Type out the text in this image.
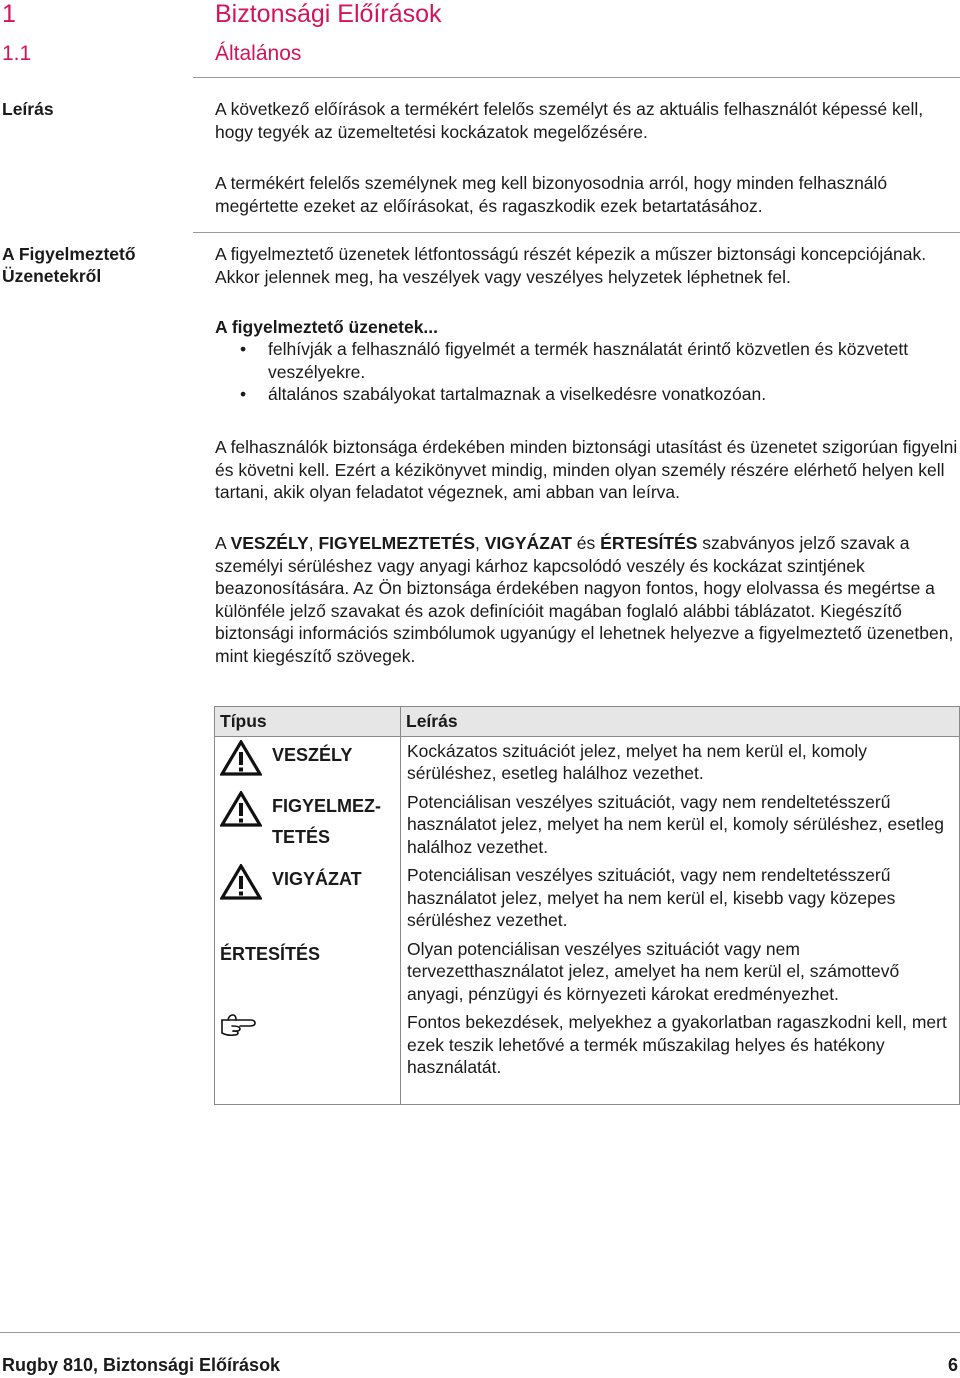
1	Biztonsági Előírások
1.1	Általános
Leírás	A következő előírások a termékért felelős személyt és az aktuális felhasználót képessé kell, hogy tegyék az üzemeltetési kockázatok megelőzésére.

A termékért felelős személynek meg kell bizonyosodnia arról, hogy minden felhasználó megértette ezeket az előírásokat, és ragaszkodik ezek betartatásához.

A Figyelmeztető
Üzenetekről

A figyelmeztető üzenetek létfontosságú részét képezik a műszer biztonsági koncepciójának. Akkor jelennek meg, ha veszélyek vagy veszélyes helyzetek léphetnek fel.

A figyelmeztető üzenetek...

• felhívják a felhasználó figyelmét a termék használatát érintő közvetlen és közvetett veszélyekre.
• általános szabályokat tartalmaznak a viselkedésre vonatkozóan.

A felhasználók biztonsága érdekében minden biztonsági utasítást és üzenetet szigorúan figyelni és követni kell. Ezért a kézikönyvet mindig, minden olyan személy részére elérhető helyen kell tartani, akik olyan feladatot végeznek, ami abban van leírva.

A VESZÉLY, FIGYELMEZTETÉS, VIGYÁZAT és ÉRTESÍTÉS szabványos jelző szavak a személyi sérüléshez vagy anyagi kárhoz kapcsolódó veszély és kockázat szintjének beazonosítására. Az Ön biztonsága érdekében nagyon fontos, hogy elolvassa és megértse a különféle jelző szavakat és azok definícióit magában foglaló alábbi táblázatot. Kiegészítő biztonsági információs szimbólumok ugyanúgy el lehetnek helyezve a figyelmeztető üzenetben, mint kiegészítő szövegek.

Típus	Leírás

VESZÉLY	Kockázatos szituációt jelez, melyet ha nem kerül el, komoly sérüléshez, esetleg halálhoz vezethet.

FIGYELMEZ-
TETÉS	Potenciálisan veszélyes szituációt, vagy nem rendeltetésszerű használatot jelez, melyet ha nem kerül el, komoly sérüléshez, esetleg halálhoz vezethet.

VIGYÁZAT	Potenciálisan veszélyes szituációt, vagy nem rendeltetésszerű használatot jelez, melyet ha nem kerül el, kisebb vagy közepes sérüléshez vezethet.

ÉRTESÍTÉS	Olyan potenciálisan veszélyes szituációt vagy nem tervezetthasználatot jelez, amelyet ha nem kerül el, számottevő anyagi, pénzügyi és környezeti károkat eredményezhet.
	Fontos bekezdések, melyekhez a gyakorlatban ragaszkodni kell, mert ezek teszik lehetővé a termék műszakilag helyes és hatékony használatát.
Rugby 810, Biztonsági Előírások	6
